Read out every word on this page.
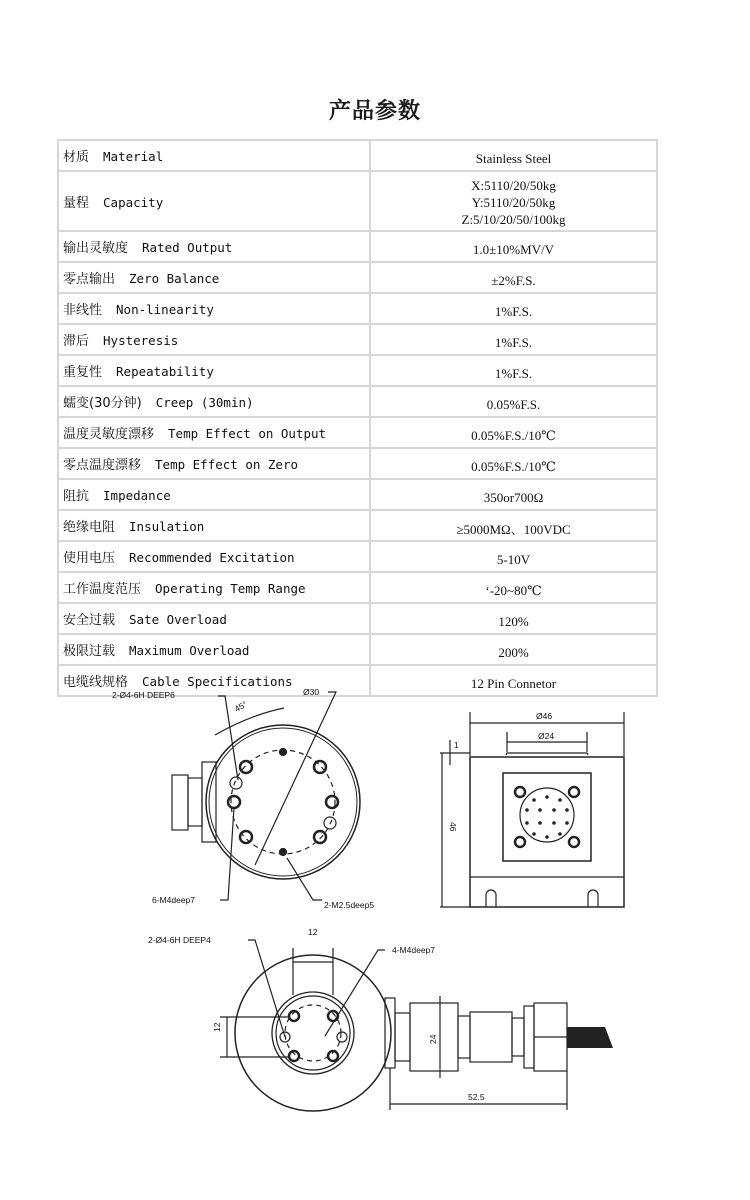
产品参数
材质 Material	Stainless Steel
量程 Capacity	X:5110/20/50kg
Y:5110/20/50kg
Z:5/10/20/50/100kg

输出灵敏度 Rated Output	1.0±10%MV/V
零点输出 Zero Balance	±2%F.S.
非线性 Non-linearity	1%F.S.
滞后 Hysteresis	1%F.S.
重复性 Repeatability	1%F.S.
蠕变(30分钟) Creep (30min)	0.05%F.S.
温度灵敏度漂移 Temp Effect on Output	0.05%F.S./10℃
零点温度漂移 Temp Effect on Zero	0.05%F.S./10℃
阻抗 Impedance	350or700Ω
绝缘电阻 Insulation	≥5000MΩ、100VDC
使用电压 Recommended Excitation	5-10V
工作温度范压 Operating Temp Range	‘-20~80℃
安全过载 Sate Overload	120%
极限过载 Maximum Overload	200%
电缆线规格 Cable Specifications	12 Pin Connetor
2-Ø4-6H DEEP6	Ø30
45°
6-M4deep7	2-M2.5deep5
Ø46
Ø24
1
46
2-Ø4-6H DEEP4
12
12
4-M4deep7
24
52.5
